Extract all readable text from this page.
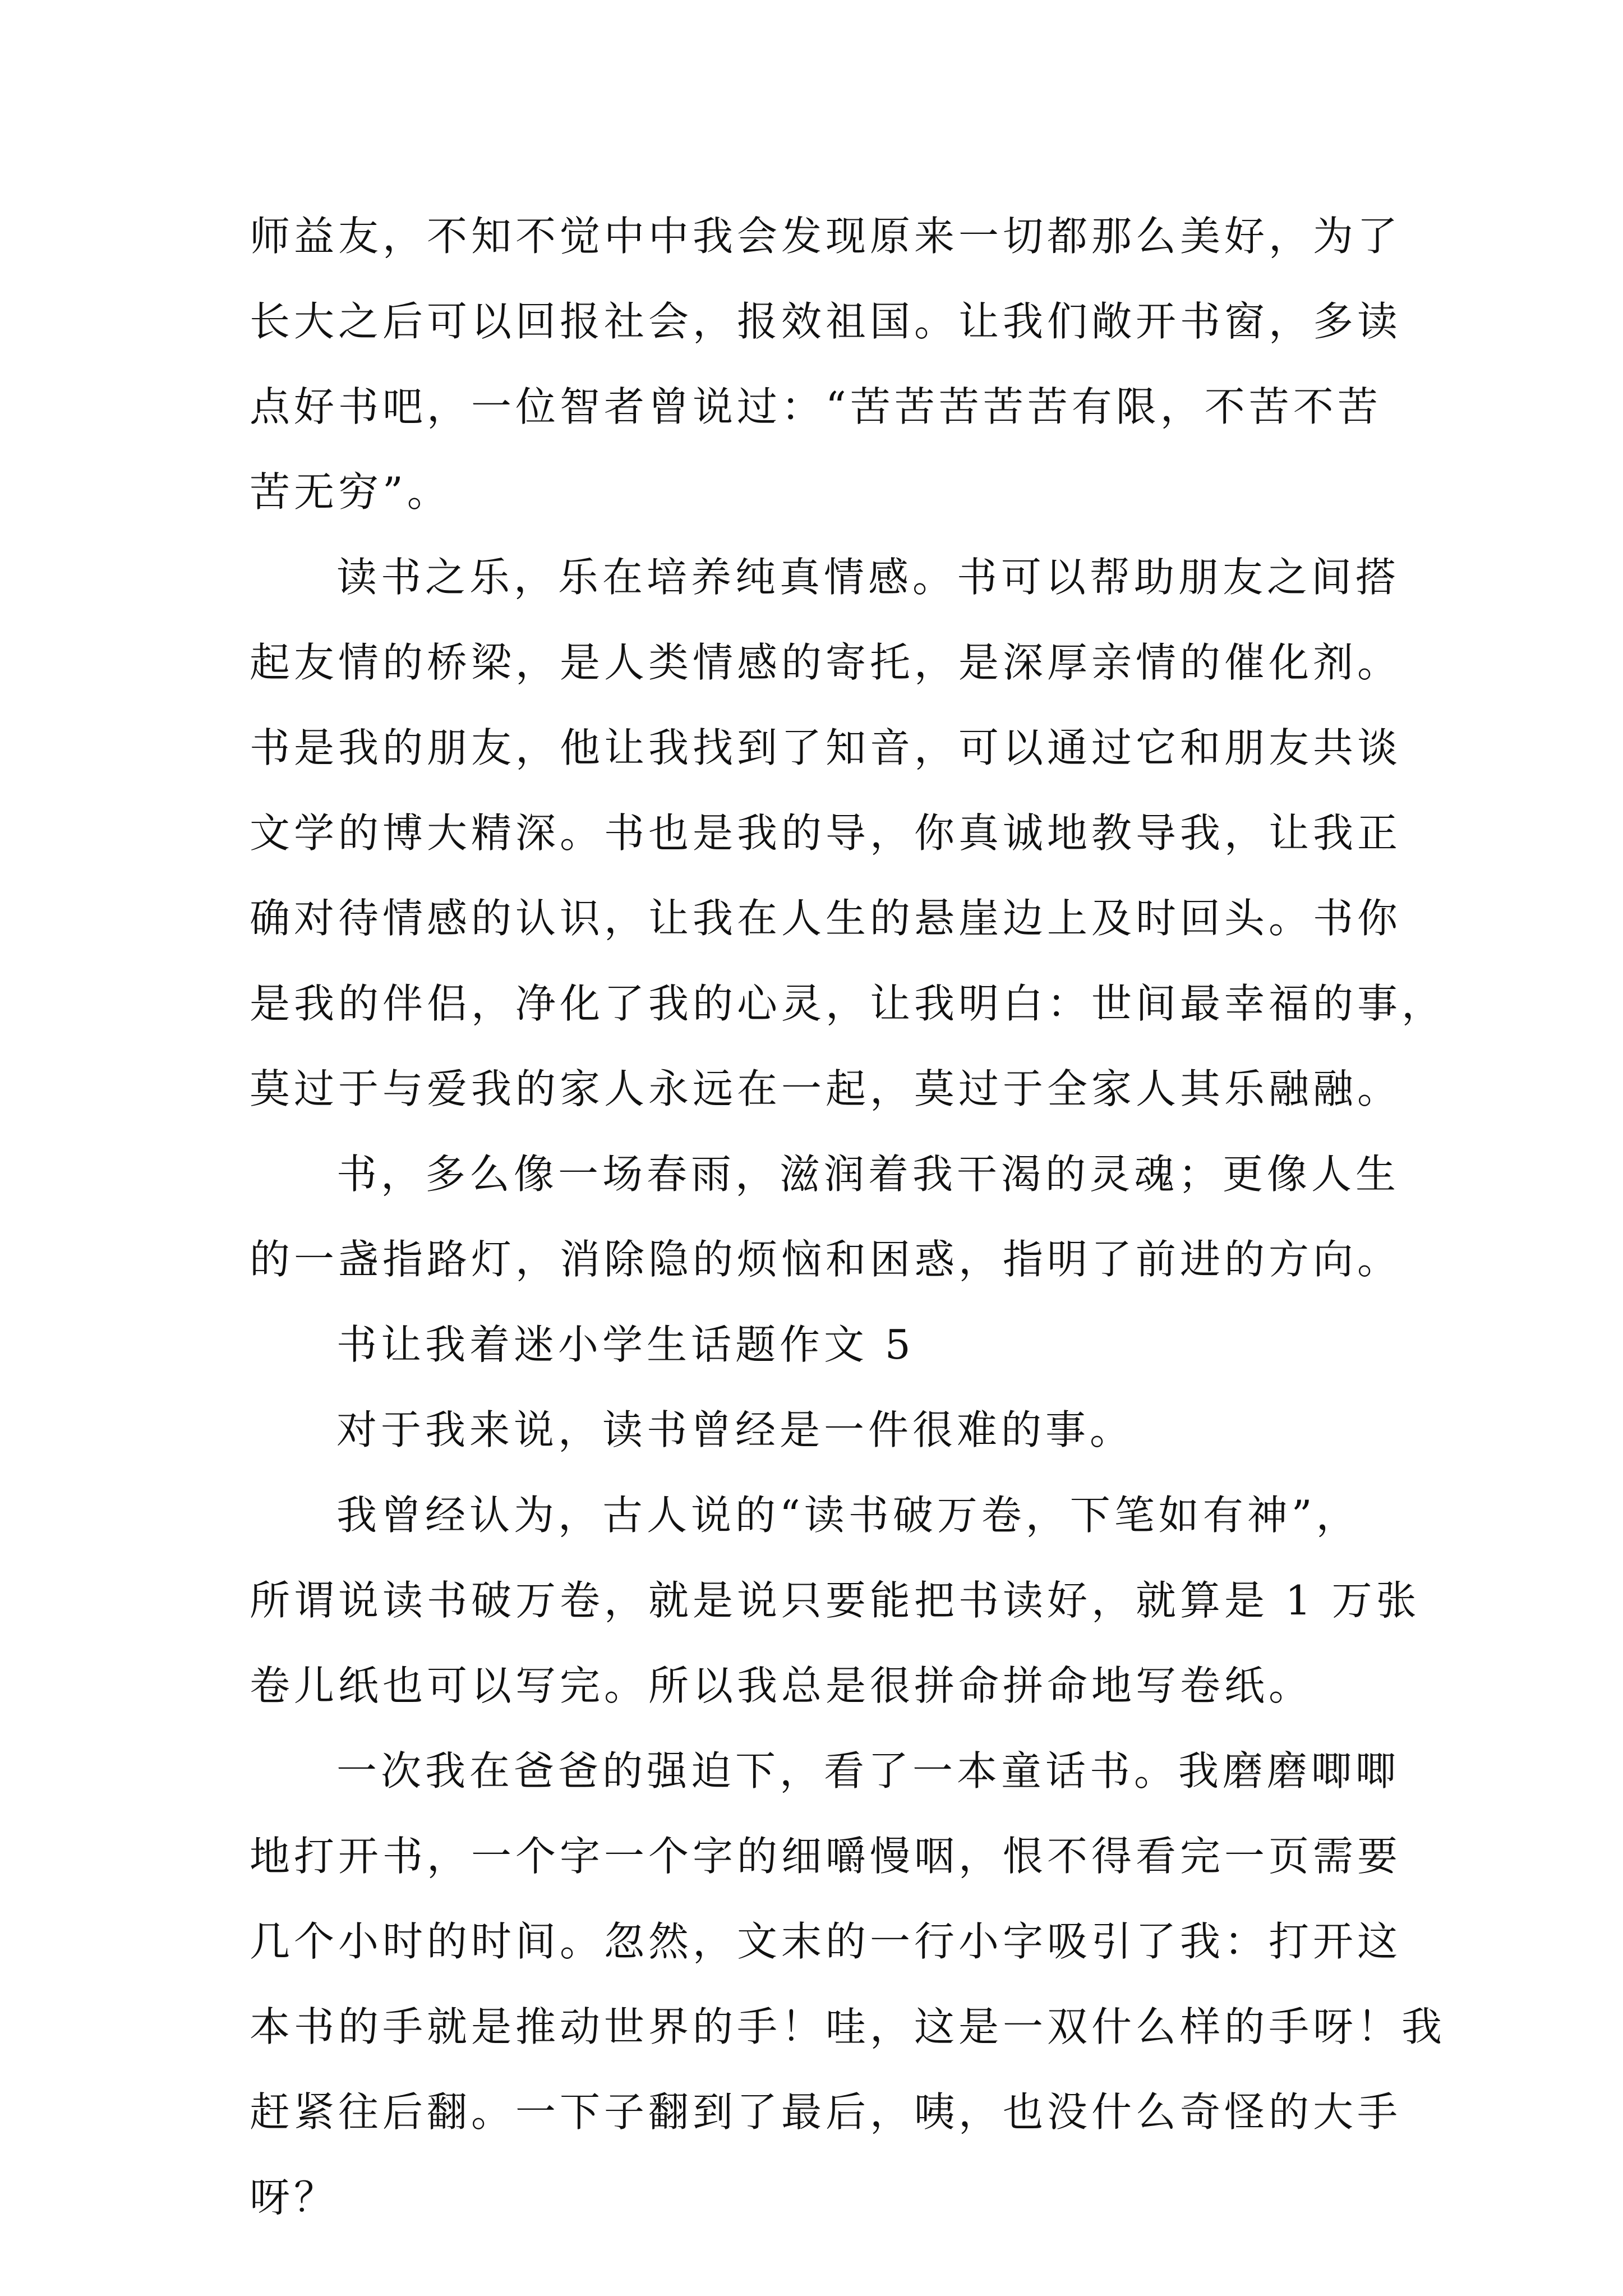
师益友，不知不觉中中我会发现原来一切都那么美好，为了
长大之后可以回报社会，报效祖国。让我们敞开书窗，多读
点好书吧，一位智者曾说过：“苦苦苦苦苦有限，不苦不苦
苦无穷”。
读书之乐，乐在培养纯真情感。书可以帮助朋友之间搭
起友情的桥梁，是人类情感的寄托，是深厚亲情的催化剂。
书是我的朋友，他让我找到了知音，可以通过它和朋友共谈
文学的博大精深。书也是我的导，你真诚地教导我，让我正
确对待情感的认识，让我在人生的悬崖边上及时回头。书你
是我的伴侣，净化了我的心灵，让我明白：世间最幸福的事，
莫过于与爱我的家人永远在一起，莫过于全家人其乐融融。
书，多么像一场春雨，滋润着我干渴的灵魂；更像人生
的一盏指路灯，消除隐的烦恼和困惑，指明了前进的方向。
书让我着迷小学生话题作文 5
对于我来说，读书曾经是一件很难的事。
我曾经认为，古人说的“读书破万卷，下笔如有神”，
所谓说读书破万卷，就是说只要能把书读好，就算是 1 万张
卷儿纸也可以写完。所以我总是很拼命拼命地写卷纸。
一次我在爸爸的强迫下，看了一本童话书。我磨磨唧唧
地打开书，一个字一个字的细嚼慢咽，恨不得看完一页需要
几个小时的时间。忽然，文末的一行小字吸引了我：打开这
本书的手就是推动世界的手！哇，这是一双什么样的手呀！我
赶紧往后翻。一下子翻到了最后，咦，也没什么奇怪的大手
呀？
